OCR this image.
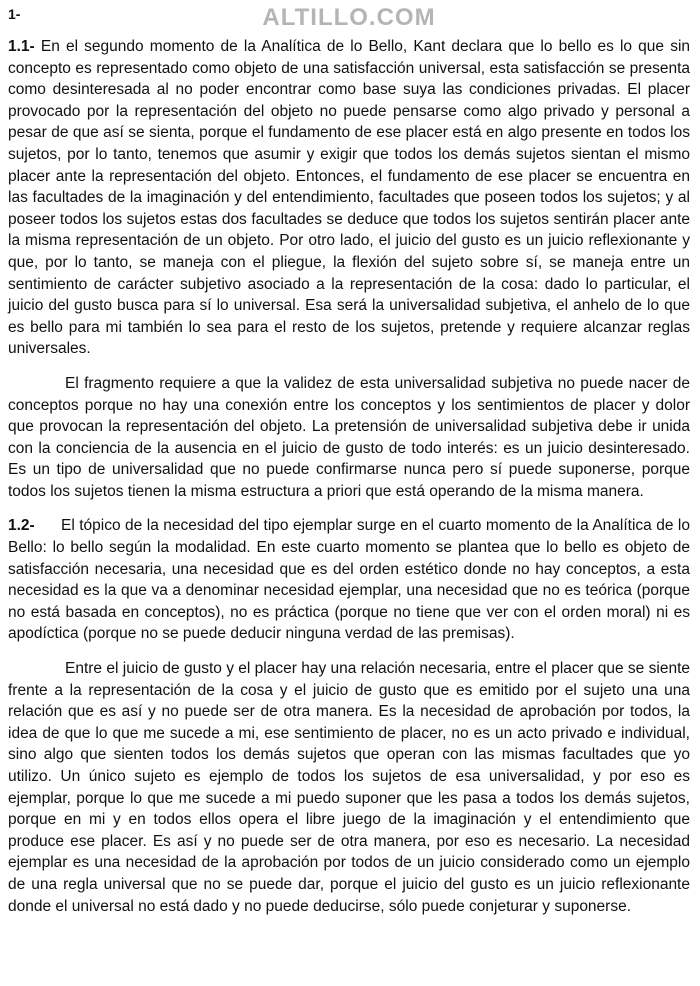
1-	ALTILLO.COM

1.1- En el segundo momento de la Analítica de lo Bello, Kant declara que lo bello es lo que sin concepto es representado como objeto de una satisfacción universal, esta satisfacción se presenta como desinteresada al no poder encontrar como base suya las condiciones privadas. El placer provocado por la representación del objeto no puede pensarse como algo privado y personal a pesar de que así se sienta, porque el fundamento de ese placer está en algo presente en todos los sujetos, por lo tanto, tenemos que asumir y exigir que todos los demás sujetos sientan el mismo placer ante la representación del objeto. Entonces, el fundamento de ese placer se encuentra en las facultades de la imaginación y del entendimiento, facultades que poseen todos los sujetos; y al poseer todos los sujetos estas dos facultades se deduce que todos los sujetos sentirán placer ante la misma representación de un objeto. Por otro lado, el juicio del gusto es un juicio reflexionante y que, por lo tanto, se maneja con el pliegue, la flexión del sujeto sobre sí, se maneja entre un sentimiento de carácter subjetivo asociado a la representación de la cosa: dado lo particular, el juicio del gusto busca para sí lo universal. Esa será la universalidad subjetiva, el anhelo de lo que es bello para mi también lo sea para el resto de los sujetos, pretende y requiere alcanzar reglas universales.

El fragmento requiere a que la validez de esta universalidad subjetiva no puede nacer de conceptos porque no hay una conexión entre los conceptos y los sentimientos de placer y dolor que provocan la representación del objeto. La pretensión de universalidad subjetiva debe ir unida con la conciencia de la ausencia en el juicio de gusto de todo interés: es un juicio desinteresado. Es un tipo de universalidad que no puede confirmarse nunca pero sí puede suponerse, porque todos los sujetos tienen la misma estructura a priori que está operando de la misma manera.

1.2- El tópico de la necesidad del tipo ejemplar surge en el cuarto momento de la Analítica de lo Bello: lo bello según la modalidad. En este cuarto momento se plantea que lo bello es objeto de satisfacción necesaria, una necesidad que es del orden estético donde no hay conceptos, a esta necesidad es la que va a denominar necesidad ejemplar, una necesidad que no es teórica (porque no está basada en conceptos), no es práctica (porque no tiene que ver con el orden moral) ni es apodíctica (porque no se puede deducir ninguna verdad de las premisas).

Entre el juicio de gusto y el placer hay una relación necesaria, entre el placer que se siente frente a la representación de la cosa y el juicio de gusto que es emitido por el sujeto una una relación que es así y no puede ser de otra manera. Es la necesidad de aprobación por todos, la idea de que lo que me sucede a mi, ese sentimiento de placer, no es un acto privado e individual, sino algo que sienten todos los demás sujetos que operan con las mismas facultades que yo utilizo. Un único sujeto es ejemplo de todos los sujetos de esa universalidad, y por eso es ejemplar, porque lo que me sucede a mi puedo suponer que les pasa a todos los demás sujetos, porque en mi y en todos ellos opera el libre juego de la imaginación y el entendimiento que produce ese placer. Es así y no puede ser de otra manera, por eso es necesario. La necesidad ejemplar es una necesidad de la aprobación por todos de un juicio considerado como un ejemplo de una regla universal que no se puede dar, porque el juicio del gusto es un juicio reflexionante donde el universal no está dado y no puede deducirse, sólo puede conjeturar y suponerse.
